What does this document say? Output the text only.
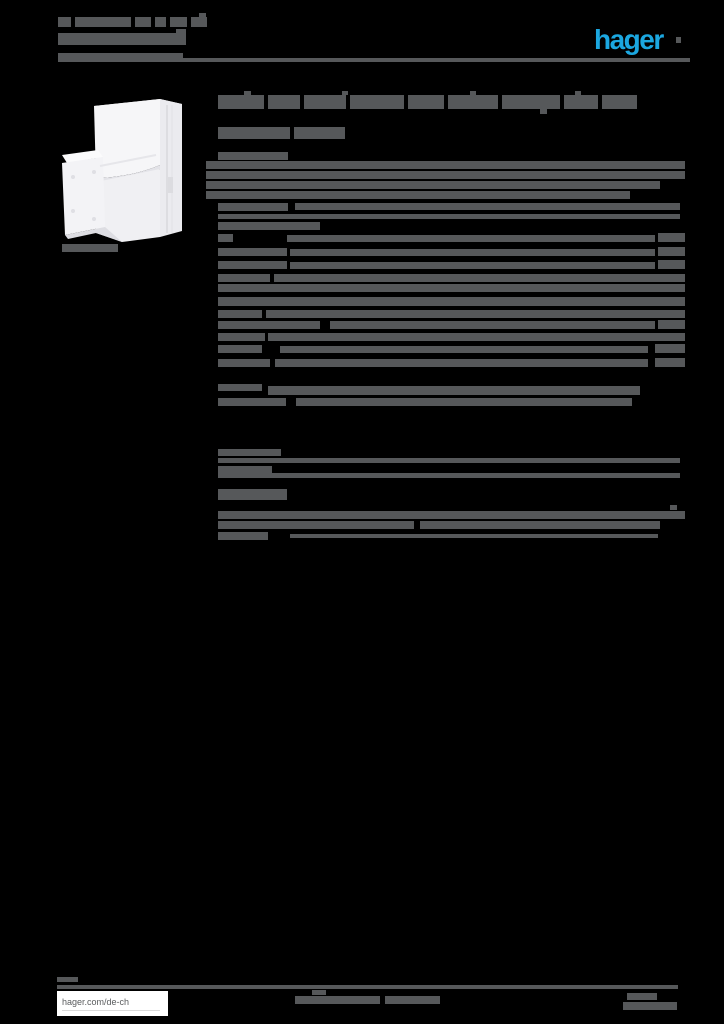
hager
hager.com/de-ch
